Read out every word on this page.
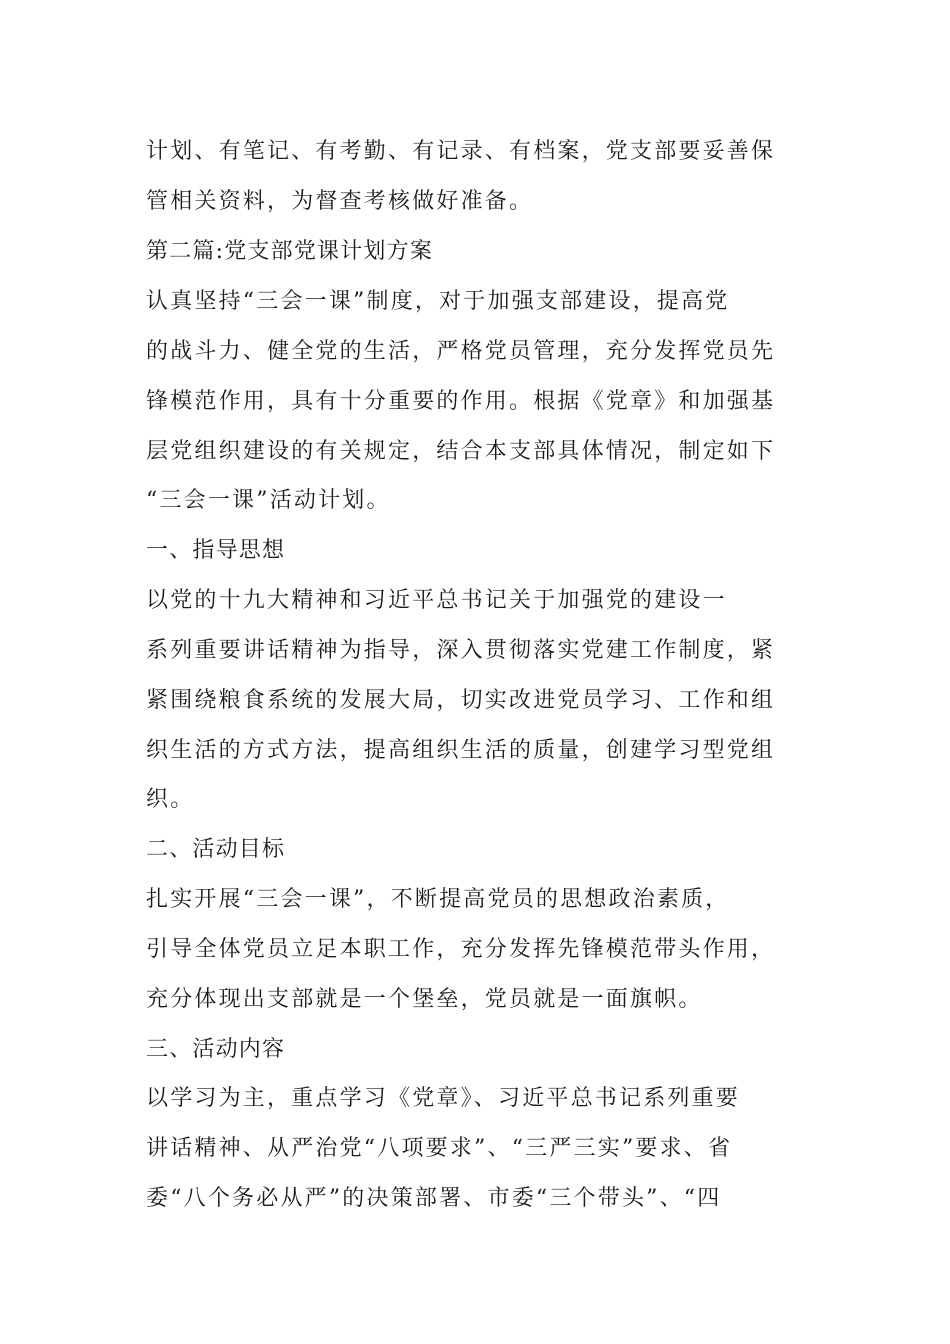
计划、有笔记、有考勤、有记录、有档案，党支部要妥善保

管相关资料，为督查考核做好准备。

第二篇:党支部党课计划方案

认真坚持“三会一课”制度，对于加强支部建设，提高党

的战斗力、健全党的生活，严格党员管理，充分发挥党员先

锋模范作用，具有十分重要的作用。根据《党章》和加强基

层党组织建设的有关规定，结合本支部具体情况，制定如下

“三会一课”活动计划。

一、指导思想

以党的十九大精神和习近平总书记关于加强党的建设一

系列重要讲话精神为指导，深入贯彻落实党建工作制度，紧

紧围绕粮食系统的发展大局，切实改进党员学习、工作和组

织生活的方式方法，提高组织生活的质量，创建学习型党组

织。

二、活动目标

扎实开展“三会一课”，不断提高党员的思想政治素质，

引导全体党员立足本职工作，充分发挥先锋模范带头作用，

充分体现出支部就是一个堡垒，党员就是一面旗帜。

三、活动内容

以学习为主，重点学习《党章》、习近平总书记系列重要

讲话精神、从严治党“八项要求”、“三严三实”要求、省

委“八个务必从严”的决策部署、市委“三个带头”、“四
